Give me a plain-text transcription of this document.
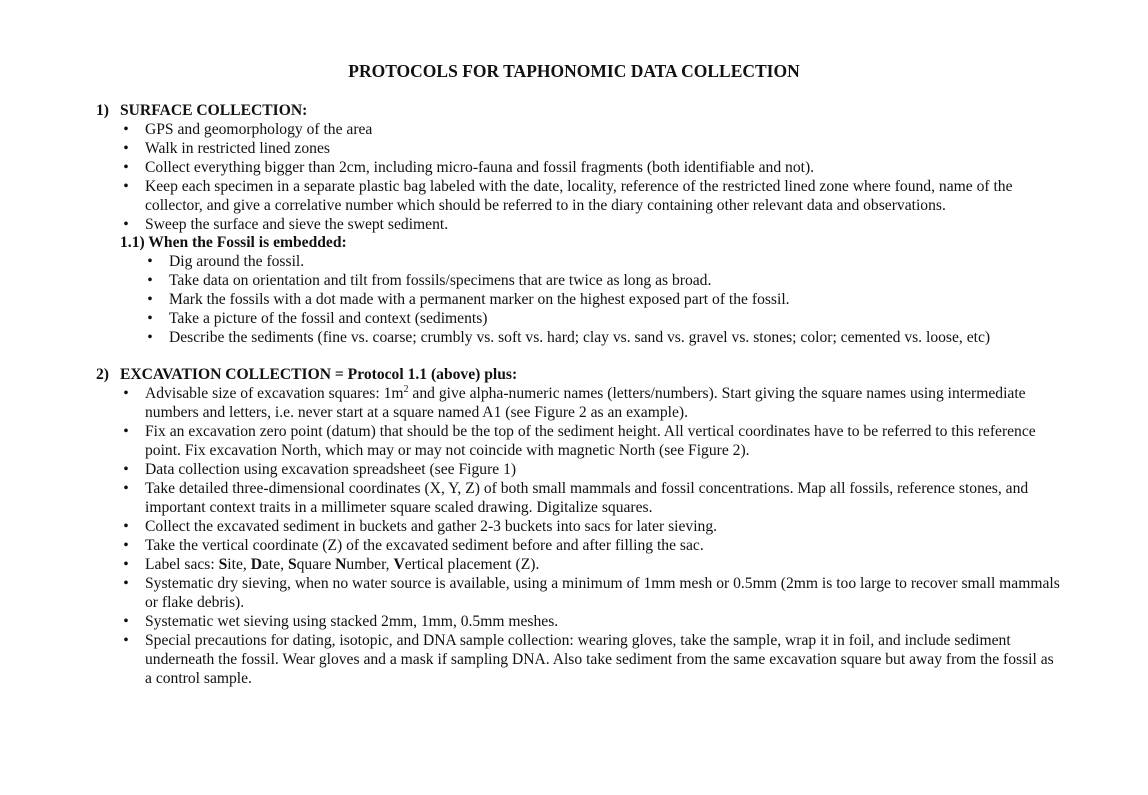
PROTOCOLS FOR TAPHONOMIC DATA COLLECTION
1) SURFACE COLLECTION:
• GPS and geomorphology of the area
• Walk in restricted lined zones
• Collect everything bigger than 2cm, including micro-fauna and fossil fragments (both identifiable and not).
• Keep each specimen in a separate plastic bag labeled with the date, locality, reference of the restricted lined zone where found, name of the collector, and give a correlative number which should be referred to in the diary containing other relevant data and observations.
• Sweep the surface and sieve the swept sediment.
1.1) When the Fossil is embedded:
• Dig around the fossil.
• Take data on orientation and tilt from fossils/specimens that are twice as long as broad.
• Mark the fossils with a dot made with a permanent marker on the highest exposed part of the fossil.
• Take a picture of the fossil and context (sediments)
• Describe the sediments (fine vs. coarse; crumbly vs. soft vs. hard; clay vs. sand vs. gravel vs. stones; color; cemented vs. loose, etc)
2) EXCAVATION COLLECTION = Protocol 1.1 (above) plus:
• Advisable size of excavation squares: $1m^2$ and give alpha-numeric names (letters/numbers). Start giving the square names using intermediate numbers and letters, i.e. never start at a square named A1 (see Figure 2 as an example).
• Fix an excavation zero point (datum) that should be the top of the sediment height. All vertical coordinates have to be referred to this reference point. Fix excavation North, which may or may not coincide with magnetic North (see Figure 2).
• Data collection using excavation spreadsheet (see Figure 1)
• Take detailed three-dimensional coordinates (X, Y, Z) of both small mammals and fossil concentrations. Map all fossils, reference stones, and important context traits in a millimeter square scaled drawing. Digitalize squares.
• Collect the excavated sediment in buckets and gather 2-3 buckets into sacs for later sieving.
• Take the vertical coordinate (Z) of the excavated sediment before and after filling the sac.
• Label sacs: Site, Date, Square Number, Vertical placement (Z).
• Systematic dry sieving, when no water source is available, using a minimum of 1mm mesh or 0.5mm (2mm is too large to recover small mammals or flake debris).
• Systematic wet sieving using stacked 2mm, 1mm, 0.5mm meshes.
• Special precautions for dating, isotopic, and DNA sample collection: wearing gloves, take the sample, wrap it in foil, and include sediment underneath the fossil. Wear gloves and a mask if sampling DNA. Also take sediment from the same excavation square but away from the fossil as a control sample.
